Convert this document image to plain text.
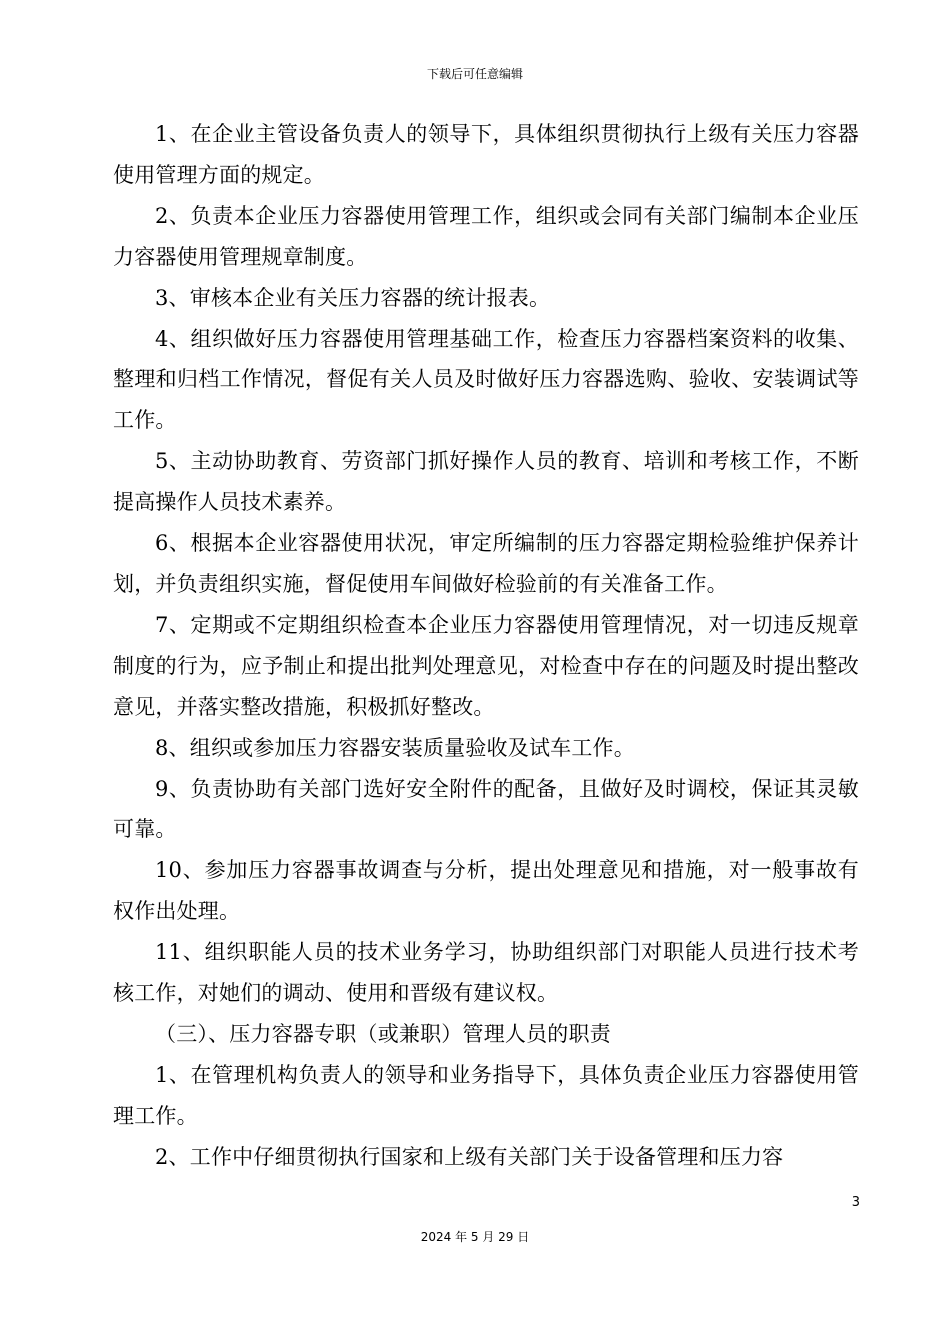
下载后可任意编辑

1、在企业主管设备负责人的领导下，具体组织贯彻执行上级有关压力容器使用管理方面的规定。

2、负责本企业压力容器使用管理工作，组织或会同有关部门编制本企业压力容器使用管理规章制度。

3、审核本企业有关压力容器的统计报表。

4、组织做好压力容器使用管理基础工作，检查压力容器档案资料的收集、整理和归档工作情况，督促有关人员及时做好压力容器选购、验收、安装调试等工作。

5、主动协助教育、劳资部门抓好操作人员的教育、培训和考核工作，不断提高操作人员技术素养。

6、根据本企业容器使用状况，审定所编制的压力容器定期检验维护保养计划，并负责组织实施，督促使用车间做好检验前的有关准备工作。

7、定期或不定期组织检查本企业压力容器使用管理情况，对一切违反规章制度的行为，应予制止和提出批判处理意见，对检查中存在的问题及时提出整改意见，并落实整改措施，积极抓好整改。

8、组织或参加压力容器安装质量验收及试车工作。

9、负责协助有关部门选好安全附件的配备，且做好及时调校，保证其灵敏可靠。

10、参加压力容器事故调查与分析，提出处理意见和措施，对一般事故有权作出处理。

11、组织职能人员的技术业务学习，协助组织部门对职能人员进行技术考核工作，对她们的调动、使用和晋级有建议权。

（三）、压力容器专职（或兼职）管理人员的职责

1、在管理机构负责人的领导和业务指导下，具体负责企业压力容器使用管理工作。

2、工作中仔细贯彻执行国家和上级有关部门关于设备管理和压力容

3
2024 年 5 月 29 日
